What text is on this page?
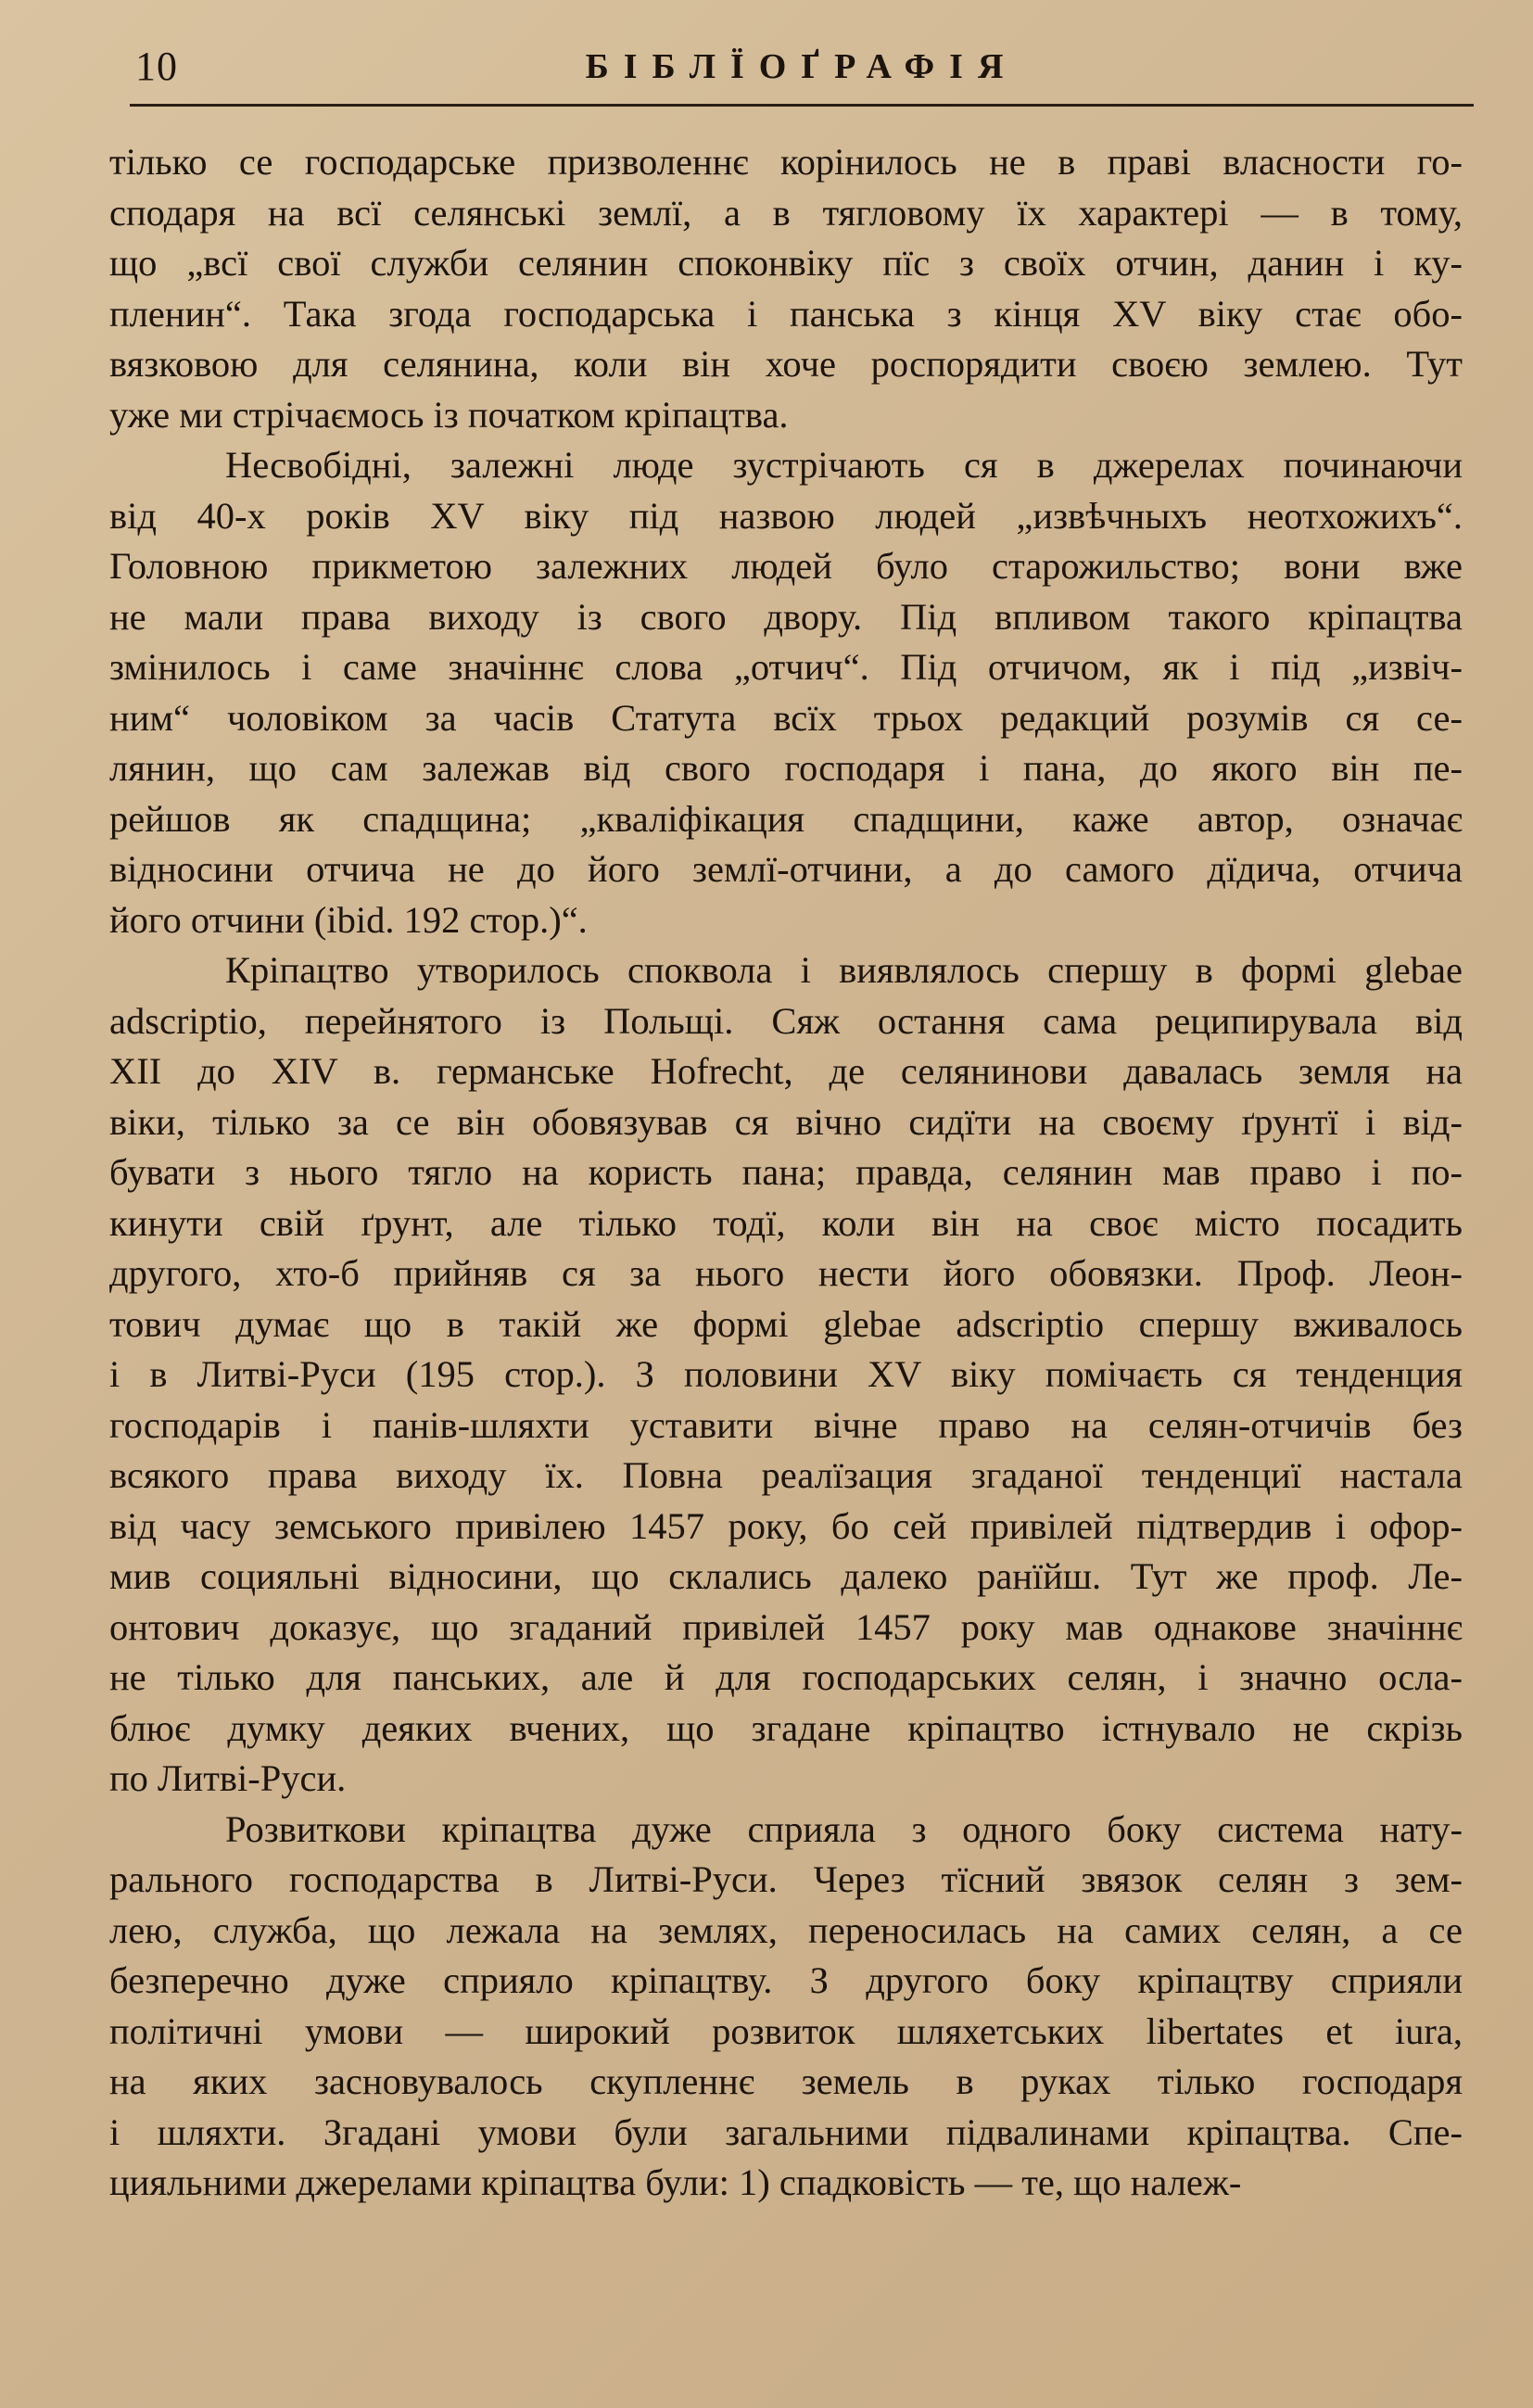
10	БІБЛЇОҐРАФІЯ

тілько се господарське призволеннє корінилось не в праві власности го-
сподаря на всї селянські землї, а в тягловому їх характері — в тому,
що „всї свої служби селянин споконвіку пїс з своїх отчин, данин і ку-
пленин“. Така згода господарська і панська з кінця XV віку стає обо-
вязковою для селянина, коли він хоче роспорядити своєю землею. Тут
уже ми стрічаємось із початком кріпацтва.

Несвобідні, залежні люде зустрічають ся в джерелах починаючи
від 40-х років XV віку під назвою людей „извѣчныхъ неотхожихъ“.
Головною прикметою залежних людей було старожильство; вони вже
не мали права виходу із свого двору. Під впливом такого кріпацтва
змінилось і саме значіннє слова „отчич“. Під отчичом, як і під „извіч-
ним“ чоловіком за часів Статута всїх трьох редакций розумів ся се-
лянин, що сам залежав від свого господаря і пана, до якого він пе-
рейшов як спадщина; „кваліфікация спадщини, каже автор, означає
відносини отчича не до його землї-отчини, а до самого дїдича, отчича
його отчини (ibid. 192 стор.)“.

Кріпацтво утворилось споквола і виявлялось спершу в формі glebae
adscriptio, перейнятого із Польщі. Сяж остання сама реципирувала від
XII до XIV в. германське Hofrecht, де селянинови давалась земля на
віки, тілько за се він обовязував ся вічно сидїти на своєму ґрунтї і від-
бувати з нього тягло на користь пана; правда, селянин мав право і по-
кинути свій ґрунт, але тілько тодї, коли він на своє місто посадить
другого, хто-б прийняв ся за нього нести його обовязки. Проф. Леон-
тович думає що в такій же формі glebae adscriptio спершу вживалось
і в Литві-Руси (195 стор.). З половини XV віку помічаєть ся тенденция
господарів і панів-шляхти уставити вічне право на селян-отчичів без
всякого права виходу їх. Повна реалїзация згаданої тенденциї настала
від часу земського привілею 1457 року, бо сей привілей підтвердив і офор-
мив социяльні відносини, що склались далеко ранїйш. Тут же проф. Ле-
онтович доказує, що згаданий привілей 1457 року мав однакове значіннє
не тілько для панських, але й для господарських селян, і значно осла-
блює думку деяких вчених, що згадане кріпацтво істнувало не скрізь
по Литві-Руси.

Розвиткови кріпацтва дуже сприяла з одного боку система нату-
рального господарства в Литві-Руси. Через тїсний звязок селян з зем-
лею, служба, що лежала на землях, переносилась на самих селян, а се
безперечно дуже сприяло кріпацтву. З другого боку кріпацтву сприяли
політичні умови — широкий розвиток шляхетських libertates et iura,
на яких засновувалось скупленнє земель в руках тілько господаря
і шляхти. Згадані умови були загальними підвалинами кріпацтва. Спе-
цияльними джерелами кріпацтва були: 1) спадковість — те, що належ-
